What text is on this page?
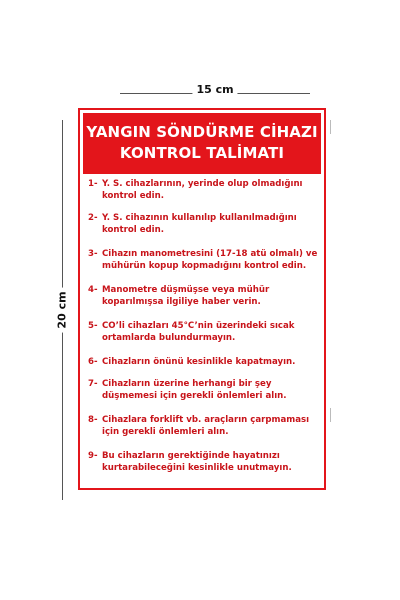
15 cm
20 cm
YANGIN SÖNDÜRME CİHAZI
KONTROL TALİMATI
1- Y. S. cihazlarının, yerinde olup olmadığını kontrol edin.
2- Y. S. cihazının kullanılıp kullanılmadığını kontrol edin.
3- Cihazın manometresini (17-18 atü olmalı) ve mühürün kopup kopmadığını kontrol edin.
4- Manometre düşmüşse veya mühür koparılmışsa ilgiliye haber verin.
5- CO’li cihazları 45°C’nin üzerindeki sıcak ortamlarda bulundurmayın.
6- Cihazların önünü kesinlikle kapatmayın.
7- Cihazların üzerine herhangi bir şey düşmemesi için gerekli önlemleri alın.
8- Cihazlara forklift vb. araçların çarpmaması için gerekli önlemleri alın.
9- Bu cihazların gerektiğinde hayatınızı kurtarabileceğini kesinlikle unutmayın.
